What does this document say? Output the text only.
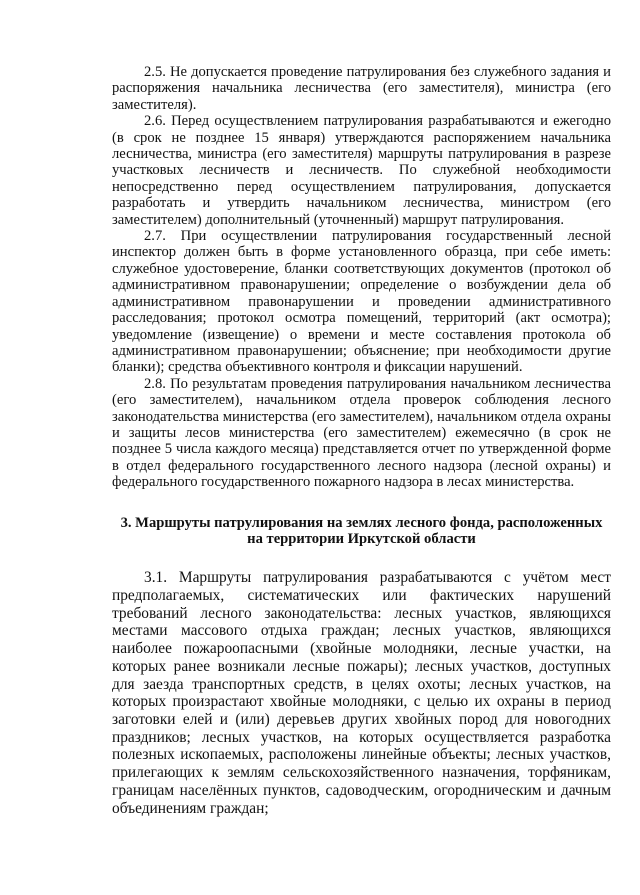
2.5. Не допускается проведение патрулирования без служебного задания и распоряжения начальника лесничества (его заместителя), министра (его заместителя).

2.6. Перед осуществлением патрулирования разрабатываются и ежегодно (в срок не позднее 15 января) утверждаются распоряжением начальника лесничества, министра (его заместителя) маршруты патрулирования в разрезе участковых лесничеств и лесничеств. По служебной необходимости непосредственно перед осуществлением патрулирования, допускается разработать и утвердить начальником лесничества, министром (его заместителем) дополнительный (уточненный) маршрут патрулирования.

2.7. При осуществлении патрулирования государственный лесной инспектор должен быть в форме установленного образца, при себе иметь: служебное удостоверение, бланки соответствующих документов (протокол об административном правонарушении; определение о возбуждении дела об административном правонарушении и проведении административного расследования; протокол осмотра помещений, территорий (акт осмотра); уведомление (извещение) о времени и месте составления протокола об административном правонарушении; объяснение; при необходимости другие бланки); средства объективного контроля и фиксации нарушений.

2.8. По результатам проведения патрулирования начальником лесничества (его заместителем), начальником отдела проверок соблюдения лесного законодательства министерства (его заместителем), начальником отдела охраны и защиты лесов министерства (его заместителем) ежемесячно (в срок не позднее 5 числа каждого месяца) представляется отчет по утвержденной форме в отдел федерального государственного лесного надзора (лесной охраны) и федерального государственного пожарного надзора в лесах министерства.

3. Маршруты патрулирования на землях лесного фонда, расположенных
на территории Иркутской области

3.1. Маршруты патрулирования разрабатываются с учётом мест предполагаемых, систематических или фактических нарушений требований лесного законодательства: лесных участков, являющихся местами массового отдыха граждан; лесных участков, являющихся наиболее пожароопасными (хвойные молодняки, лесные участки, на которых ранее возникали лесные пожары); лесных участков, доступных для заезда транспортных средств, в целях охоты; лесных участков, на которых произрастают хвойные молодняки, с целью их охраны в период заготовки елей и (или) деревьев других хвойных пород для новогодних праздников; лесных участков, на которых осуществляется разработка полезных ископаемых, расположены линейные объекты; лесных участков, прилегающих к землям сельскохозяйственного назначения, торфяникам, границам населённых пунктов, садоводческим, огородническим и дачным объединениям граждан;
